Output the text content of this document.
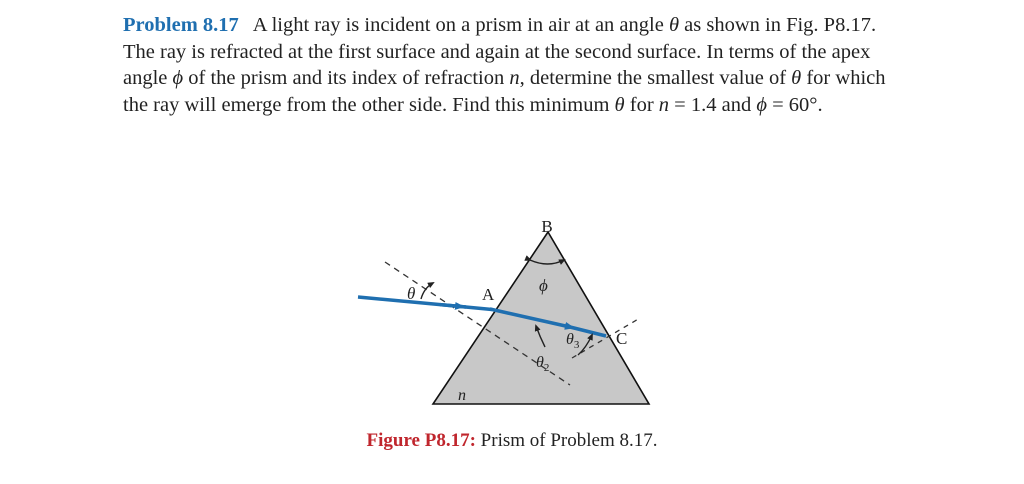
Problem 8.17 A light ray is incident on a prism in air at an angle θ as shown in Fig. P8.17. The ray is refracted at the first surface and again at the second surface. In terms of the apex angle ϕ of the prism and its index of refraction n, determine the smallest value of θ for which the ray will emerge from the other side. Find this minimum θ for n = 1.4 and ϕ = 60°.
B
A
C
ϕ
θ
$\theta_2$
$\theta_3$
n
Figure P8.17: Prism of Problem 8.17.
